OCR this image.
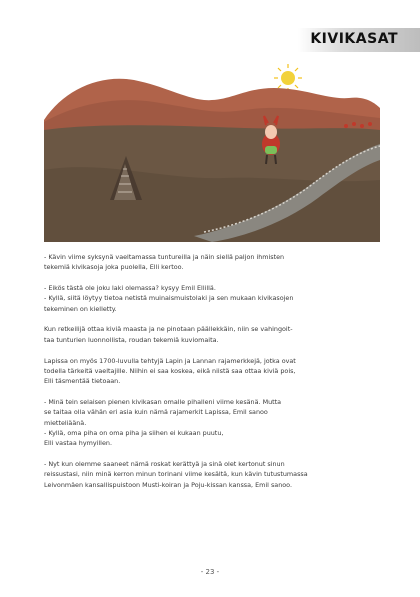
KIVIKASAT

- Kävin viime syksynä vaeltamassa tuntureilla ja näin siellä paljon ihmisten

tekemiä kivikasoja joka puolella, Elli kertoo.

- Eikös tästä ole joku laki olemassa? kysyy Emil Ellillä.

- Kyllä, siitä löytyy tietoa netistä muinaismuistolaki ja sen mukaan kivikasojen

tekeminen on kielletty.

Kun retkeilijä ottaa kiviä maasta ja ne pinotaan päällekkäin, niin se vahingoit-

taa tunturien luonnollista, roudan tekemiä kuviomaita.

Lapissa on myös 1700-luvulla tehtyjä Lapin ja Lannan rajamerkkejä, jotka ovat

todella tärkeitä vaeltajille. Niihin ei saa koskea, eikä niistä saa ottaa kiviä pois,

Elli täsmentää tietoaan.

- Minä tein selaisen pienen kivikasan omalle pihalleni viime kesänä. Mutta

se taitaa olla vähän eri asia kuin nämä rajamerkit Lapissa, Emil sanoo

mietteliäänä.

- Kyllä, oma piha on oma piha ja siihen ei kukaan puutu,

Elli vastaa hymyillen.

- Nyt kun olemme saaneet nämä roskat kerättyä ja sinä olet kertonut sinun

reissustasi, niin minä kerron minun torinani viime kesältä, kun kävin tutustumassa

Leivonmäen kansallispuistoon Musti-koiran ja Poju-kissan kanssa, Emil sanoo.

- 23 -
